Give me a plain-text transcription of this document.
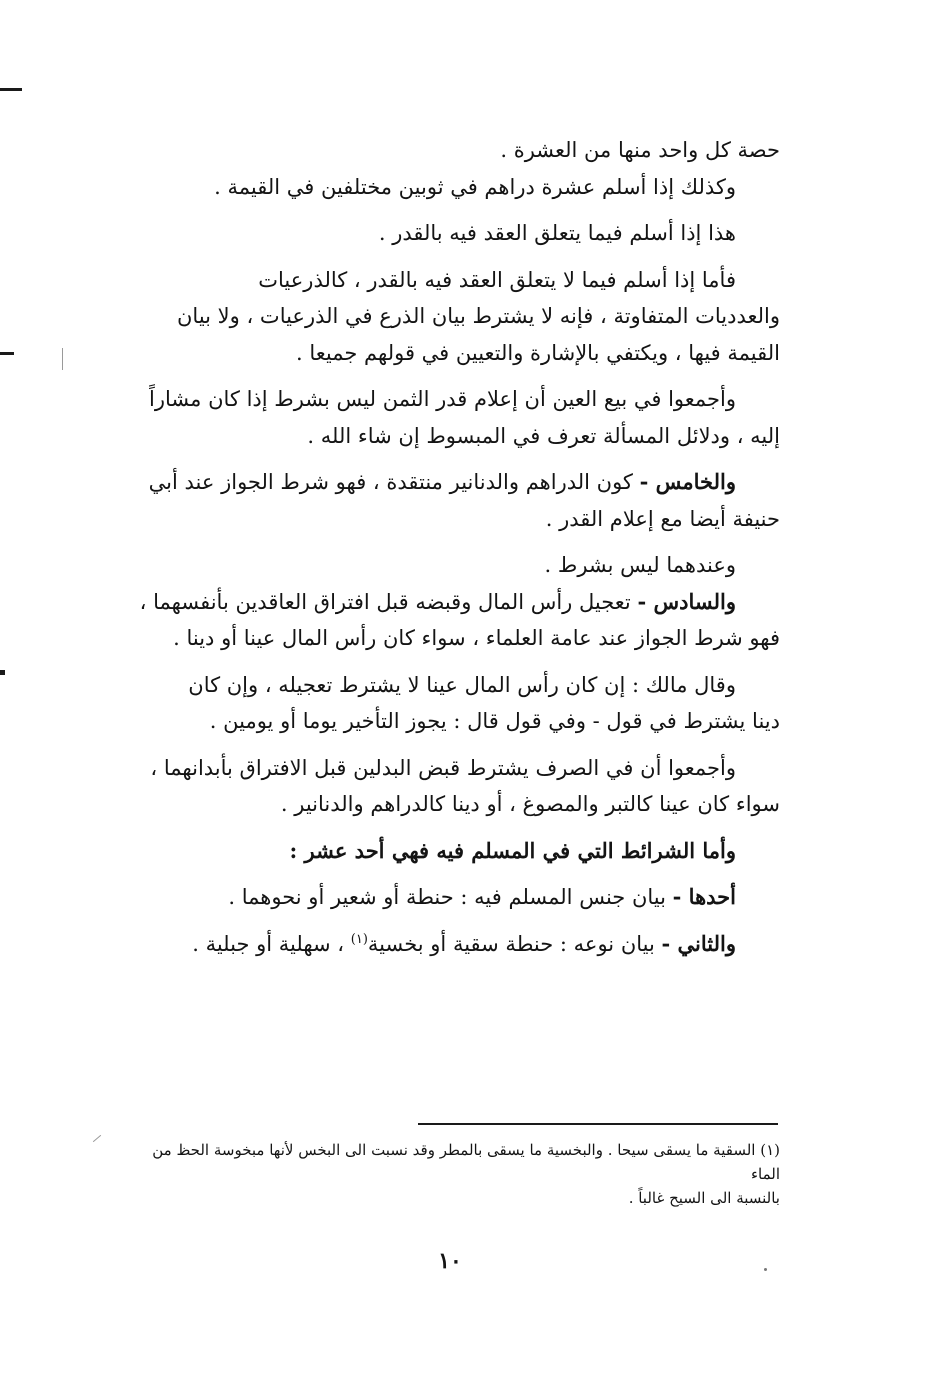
حصة كل واحد منها من العشرة .
وكذلك إذا أسلم عشرة دراهم في ثوبين مختلفين في القيمة .
هذا إذا أسلم فيما يتعلق العقد فيه بالقدر .
فأما إذا أسلم فيما لا يتعلق العقد فيه بالقدر ، كالذرعيات
والعدديات المتفاوتة ، فإنه لا يشترط بيان الذرع في الذرعيات ، ولا بيان
القيمة فيها ، ويكتفي بالإشارة والتعيين في قولهم جميعا .
وأجمعوا في بيع العين أن إعلام قدر الثمن ليس بشرط إذا كان مشاراً
إليه ، ودلائل المسألة تعرف في المبسوط إن شاء الله .
والخامس - كون الدراهم والدنانير منتقدة ، فهو شرط الجواز عند أبي
حنيفة أيضا مع إعلام القدر .
وعندهما ليس بشرط .
والسادس - تعجيل رأس المال وقبضه قبل افتراق العاقدين بأنفسهما ،
فهو شرط الجواز عند عامة العلماء ، سواء كان رأس المال عينا أو دينا .
وقال مالك : إن كان رأس المال عينا لا يشترط تعجيله ، وإن كان
دينا يشترط في قول - وفي قول قال : يجوز التأخير يوما أو يومين .
وأجمعوا أن في الصرف يشترط قبض البدلين قبل الافتراق بأبدانهما ،
سواء كان عينا كالتبر والمصوغ ، أو دينا كالدراهم والدنانير .
وأما الشرائط التي في المسلم فيه فهي أحد عشر :
أحدها - بيان جنس المسلم فيه : حنطة أو شعير أو نحوهما .
والثاني - بيان نوعه : حنطة سقية أو بخسية$^{(١)}$ ، سهلية أو جبلية .
(١) السقية ما يسقى سيحا . والبخسية ما يسقى بالمطر وقد نسبت الى البخس لأنها مبخوسة الحظ من الماء
بالنسبة الى السيح غالباً .
١٠
